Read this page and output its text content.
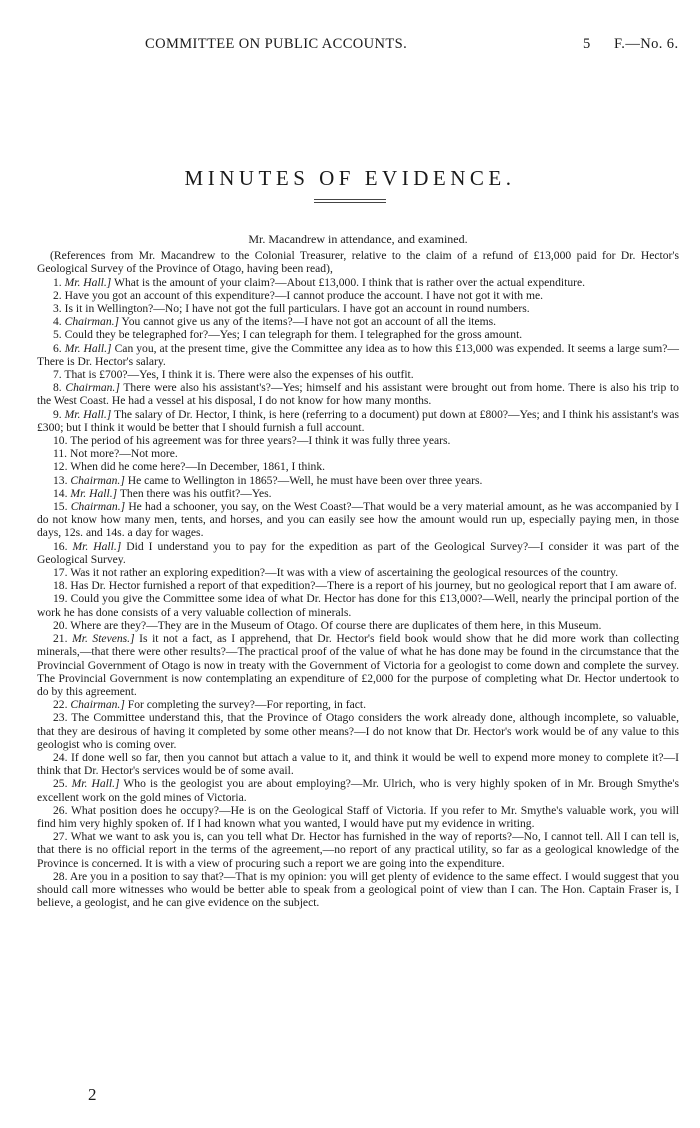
COMMITTEE ON PUBLIC ACCOUNTS.	5 F.—No. 6.
MINUTES OF EVIDENCE.
Mr. Macandrew in attendance, and examined.

(References from Mr. Macandrew to the Colonial Treasurer, relative to the claim of a refund of £13,000 paid for Dr. Hector's Geological Survey of the Province of Otago, having been read),

1. Mr. Hall.] What is the amount of your claim?—About £13,000. I think that is rather over the actual expenditure.

2. Have you got an account of this expenditure?—I cannot produce the account. I have not got it with me.

3. Is it in Wellington?—No; I have not got the full particulars. I have got an account in round numbers.

4. Chairman.] You cannot give us any of the items?—I have not got an account of all the items.

5. Could they be telegraphed for?—Yes; I can telegraph for them. I telegraphed for the gross amount.

6. Mr. Hall.] Can you, at the present time, give the Committee any idea as to how this £13,000 was expended. It seems a large sum?—There is Dr. Hector's salary.

7. That is £700?—Yes, I think it is. There were also the expenses of his outfit.

8. Chairman.] There were also his assistant's?—Yes; himself and his assistant were brought out from home. There is also his trip to the West Coast. He had a vessel at his disposal, I do not know for how many months.

9. Mr. Hall.] The salary of Dr. Hector, I think, is here (referring to a document) put down at £800?—Yes; and I think his assistant's was £300; but I think it would be better that I should furnish a full account.

10. The period of his agreement was for three years?—I think it was fully three years.

11. Not more?—Not more.

12. When did he come here?—In December, 1861, I think.

13. Chairman.] He came to Wellington in 1865?—Well, he must have been over three years.

14. Mr. Hall.] Then there was his outfit?—Yes.

15. Chairman.] He had a schooner, you say, on the West Coast?—That would be a very material amount, as he was accompanied by I do not know how many men, tents, and horses, and you can easily see how the amount would run up, especially paying men, in those days, 12s. and 14s. a day for wages.

16. Mr. Hall.] Did I understand you to pay for the expedition as part of the Geological Survey?—I consider it was part of the Geological Survey.

17. Was it not rather an exploring expedition?—It was with a view of ascertaining the geological resources of the country.

18. Has Dr. Hector furnished a report of that expedition?—There is a report of his journey, but no geological report that I am aware of.

19. Could you give the Committee some idea of what Dr. Hector has done for this £13,000?—Well, nearly the principal portion of the work he has done consists of a very valuable collection of minerals.

20. Where are they?—They are in the Museum of Otago. Of course there are duplicates of them here, in this Museum.

21. Mr. Stevens.] Is it not a fact, as I apprehend, that Dr. Hector's field book would show that he did more work than collecting minerals,—that there were other results?—The practical proof of the value of what he has done may be found in the circumstance that the Provincial Government of Otago is now in treaty with the Government of Victoria for a geologist to come down and complete the survey. The Provincial Government is now contemplating an expenditure of £2,000 for the purpose of completing what Dr. Hector undertook to do by this agreement.

22. Chairman.] For completing the survey?—For reporting, in fact.

23. The Committee understand this, that the Province of Otago considers the work already done, although incomplete, so valuable, that they are desirous of having it completed by some other means?—I do not know that Dr. Hector's work would be of any value to this geologist who is coming over.

24. If done well so far, then you cannot but attach a value to it, and think it would be well to expend more money to complete it?—I think that Dr. Hector's services would be of some avail.

25. Mr. Hall.] Who is the geologist you are about employing?—Mr. Ulrich, who is very highly spoken of in Mr. Brough Smythe's excellent work on the gold mines of Victoria.

26. What position does he occupy?—He is on the Geological Staff of Victoria. If you refer to Mr. Smythe's valuable work, you will find him very highly spoken of. If I had known what you wanted, I would have put my evidence in writing.

27. What we want to ask you is, can you tell what Dr. Hector has furnished in the way of reports?—No, I cannot tell. All I can tell is, that there is no official report in the terms of the agreement,—no report of any practical utility, so far as a geological knowledge of the Province is concerned. It is with a view of procuring such a report we are going into the expenditure.

28. Are you in a position to say that?—That is my opinion: you will get plenty of evidence to the same effect. I would suggest that you should call more witnesses who would be better able to speak from a geological point of view than I can. The Hon. Captain Fraser is, I believe, a geologist, and he can give evidence on the subject.

2
